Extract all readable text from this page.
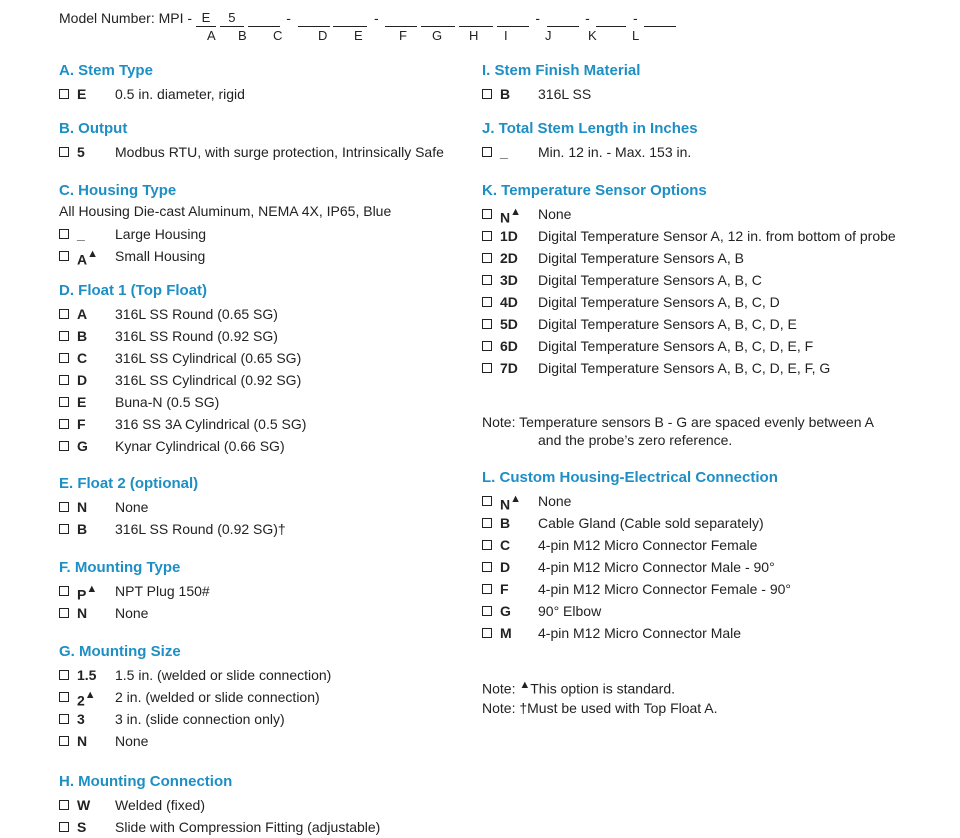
Model Number: MPI - E 5	-	-	-	-	-
A B C	D E	F G H I	J	K	L
A. Stem Type
E 0.5 in. diameter, rigid
B. Output
5 Modbus RTU, with surge protection, Intrinsically Safe
C. Housing Type
All Housing Die-cast Aluminum, NEMA 4X, IP65, Blue
_ Large Housing
A▲ Small Housing
D. Float 1 (Top Float)
A 316L SS Round (0.65 SG)
B 316L SS Round (0.92 SG)
C 316L SS Cylindrical (0.65 SG)
D 316L SS Cylindrical (0.92 SG)
E Buna-N (0.5 SG)
F 316 SS 3A Cylindrical (0.5 SG)
G Kynar Cylindrical (0.66 SG)
E. Float 2 (optional)
N None
B 316L SS Round (0.92 SG)†
F. Mounting Type
P▲ NPT Plug 150#
N None
G. Mounting Size
1.5 1.5 in. (welded or slide connection)
2▲ 2 in. (welded or slide connection)
3 3 in. (slide connection only)
N None
H. Mounting Connection
W Welded (fixed)
S Slide with Compression Fitting (adjustable)
I. Stem Finish Material
B 316L SS
J. Total Stem Length in Inches
_ Min. 12 in. - Max. 153 in.
K. Temperature Sensor Options
N▲ None
1D Digital Temperature Sensor A, 12 in. from bottom of probe
2D Digital Temperature Sensors A, B
3D Digital Temperature Sensors A, B, C
4D Digital Temperature Sensors A, B, C, D
5D Digital Temperature Sensors A, B, C, D, E
6D Digital Temperature Sensors A, B, C, D, E, F
7D Digital Temperature Sensors A, B, C, D, E, F, G
L. Custom Housing-Electrical Connection
N▲ None
B Cable Gland (Cable sold separately)
C 4-pin M12 Micro Connector Female
D 4-pin M12 Micro Connector Male - 90°
F 4-pin M12 Micro Connector Female - 90°
G 90° Elbow
M 4-pin M12 Micro Connector Male
Note: Temperature sensors B - G are spaced evenly between A
and the probe’s zero reference.
Note: ▲This option is standard.
Note: †Must be used with Top Float A.
